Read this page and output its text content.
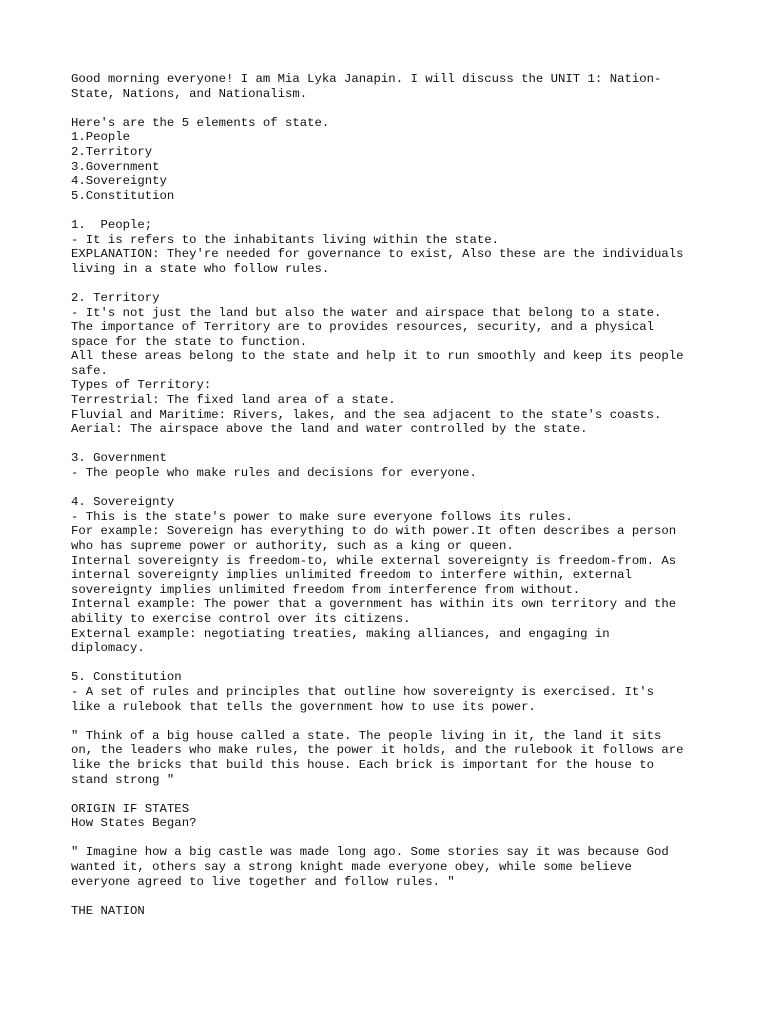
Good morning everyone! I am Mia Lyka Janapin. I will discuss the UNIT 1: Nation-
State, Nations, and Nationalism.
Here's are the 5 elements of state.
1.People
2.Territory
3.Government
4.Sovereignty
5.Constitution
1.  People;
- It is refers to the inhabitants living within the state.
EXPLANATION: They're needed for governance to exist, Also these are the individuals
living in a state who follow rules.
2. Territory
- It's not just the land but also the water and airspace that belong to a state.
The importance of Territory are to provides resources, security, and a physical
space for the state to function.
All these areas belong to the state and help it to run smoothly and keep its people
safe.
Types of Territory:
Terrestrial: The fixed land area of a state.
Fluvial and Maritime: Rivers, lakes, and the sea adjacent to the state's coasts.
Aerial: The airspace above the land and water controlled by the state.
3. Government
- The people who make rules and decisions for everyone.
4. Sovereignty
- This is the state's power to make sure everyone follows its rules.
For example: Sovereign has everything to do with power.It often describes a person
who has supreme power or authority, such as a king or queen.
Internal sovereignty is freedom-to, while external sovereignty is freedom-from. As
internal sovereignty implies unlimited freedom to interfere within, external
sovereignty implies unlimited freedom from interference from without.
Internal example: The power that a government has within its own territory and the
ability to exercise control over its citizens.
External example: negotiating treaties, making alliances, and engaging in
diplomacy.
5. Constitution
- A set of rules and principles that outline how sovereignty is exercised. It's
like a rulebook that tells the government how to use its power.
" Think of a big house called a state. The people living in it, the land it sits
on, the leaders who make rules, the power it holds, and the rulebook it follows are
like the bricks that build this house. Each brick is important for the house to
stand strong "
ORIGIN IF STATES
How States Began?
" Imagine how a big castle was made long ago. Some stories say it was because God
wanted it, others say a strong knight made everyone obey, while some believe
everyone agreed to live together and follow rules. "
THE NATION
